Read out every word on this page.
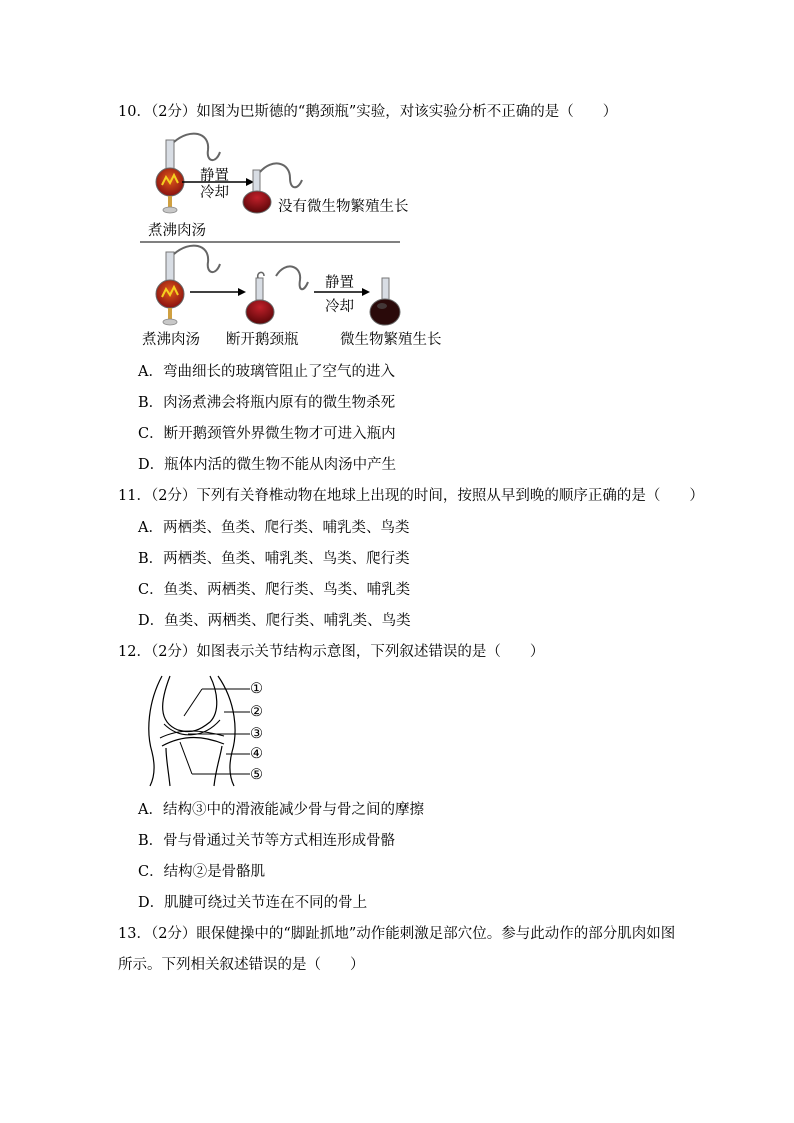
10．（2分）如图为巴斯德的“鹅颈瓶”实验，对该实验分析不正确的是（　　）
静置
冷却
没有微生物繁殖生长
煮沸肉汤
静置
冷却
煮沸肉汤 断开鹅颈瓶	微生物繁殖生长
A．弯曲细长的玻璃管阻止了空气的进入
B．肉汤煮沸会将瓶内原有的微生物杀死
C．断开鹅颈管外界微生物才可进入瓶内
D．瓶体内活的微生物不能从肉汤中产生
11．（2分）下列有关脊椎动物在地球上出现的时间，按照从早到晚的顺序正确的是（　　）
A．两栖类、鱼类、爬行类、哺乳类、鸟类
B．两栖类、鱼类、哺乳类、鸟类、爬行类
C．鱼类、两栖类、爬行类、鸟类、哺乳类
D．鱼类、两栖类、爬行类、哺乳类、鸟类
12．（2分）如图表示关节结构示意图，下列叙述错误的是（　　）
①
②
③
④
⑤
A．结构③中的滑液能减少骨与骨之间的摩擦
B．骨与骨通过关节等方式相连形成骨骼
C．结构②是骨骼肌
D．肌腱可绕过关节连在不同的骨上
13．（2分）眼保健操中的“脚趾抓地”动作能刺激足部穴位。参与此动作的部分肌肉如图
所示。下列相关叙述错误的是（　　）
